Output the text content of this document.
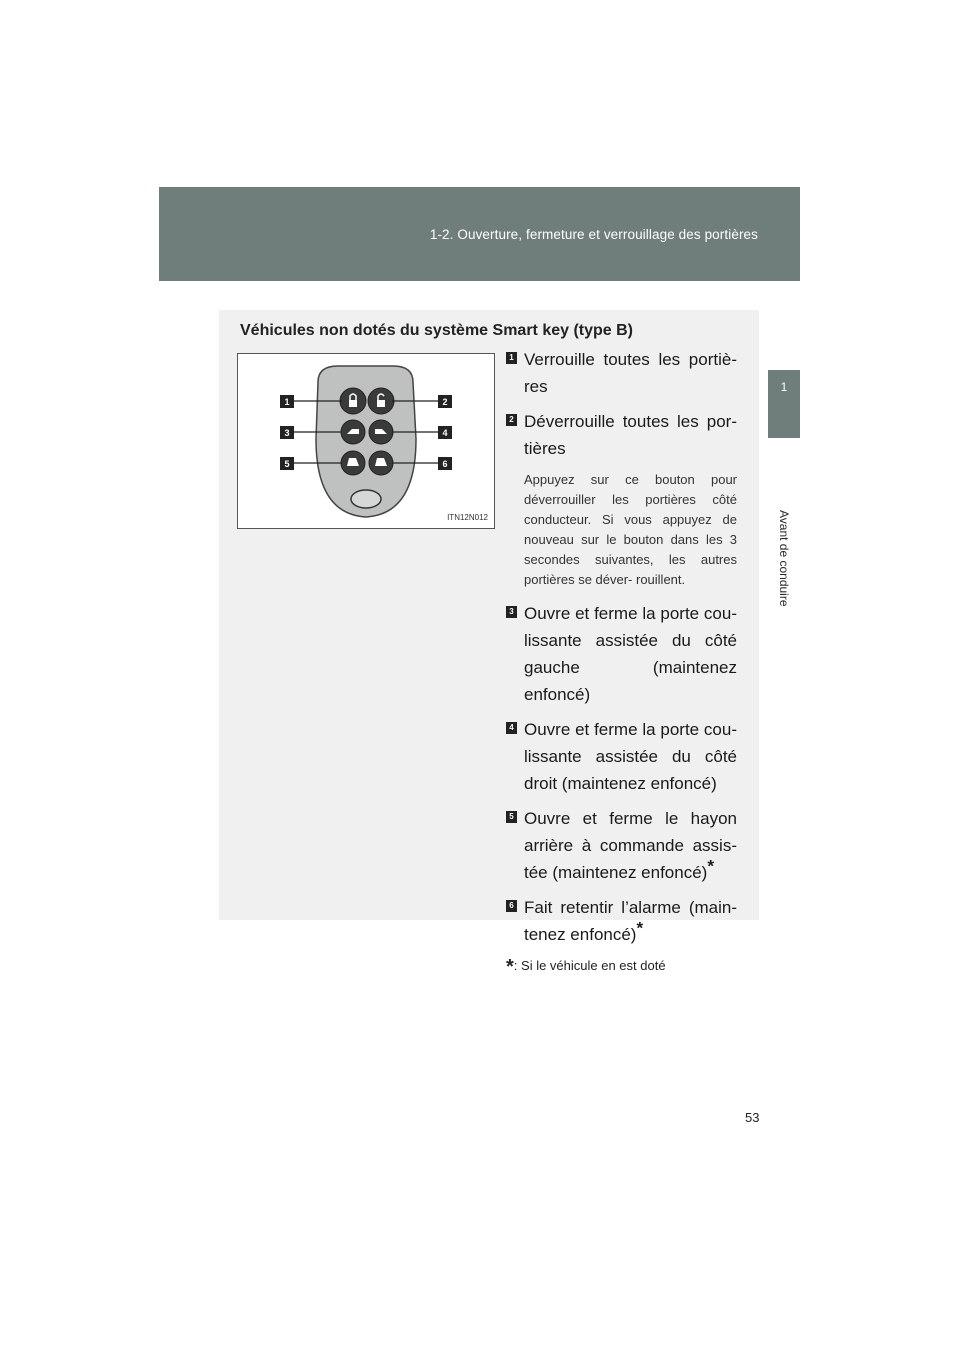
1-2. Ouverture, fermeture et verrouillage des portières
1
Avant de conduire
Véhicules non dotés du système Smart key (type B)
1	2
3	4
5	6
ITN12N012
1 Verrouille toutes les portiè- res
2 Déverrouille toutes les por- tières
Appuyez sur ce bouton pour déverrouiller les portières côté conducteur. Si vous appuyez de nouveau sur le bouton dans les 3 secondes suivantes, les autres portières se déver- rouillent.
3 Ouvre et ferme la porte cou- lissante assistée du côté gauche (maintenez enfoncé)
4 Ouvre et ferme la porte cou- lissante assistée du côté droit (maintenez enfoncé)
5 Ouvre et ferme le hayon arrière à commande assis- tée (maintenez enfoncé)*
6 Fait retentir l’alarme (main- tenez enfoncé)*
*: Si le véhicule en est doté
53
